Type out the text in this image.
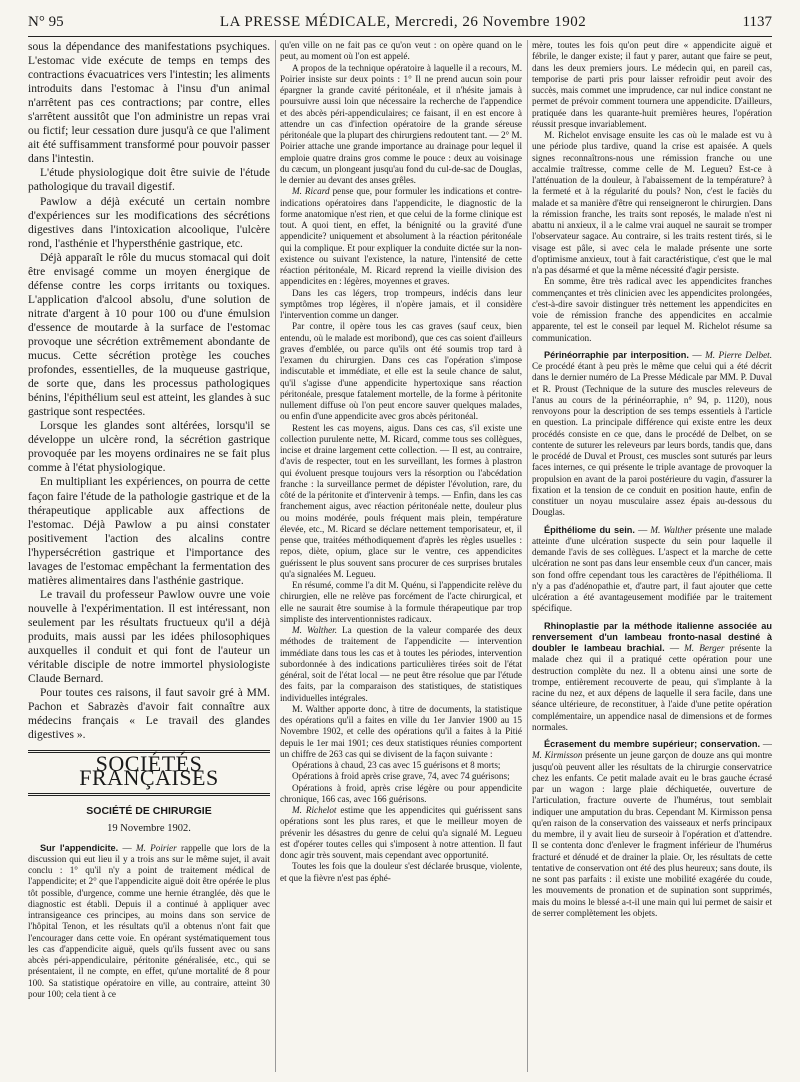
N° 95	LA PRESSE MÉDICALE, Mercredi, 26 Novembre 1902	1137

sous la dépendance des manifestations psychiques. L'estomac vide exécute de temps en temps des contractions évacuatrices vers l'intestin; les aliments introduits dans l'estomac à l'insu d'un animal n'arrêtent pas ces contractions; par contre, elles s'arrêtent aussitôt que l'on administre un repas vrai ou fictif; leur cessation dure jusqu'à ce que l'aliment ait été suffisamment transformé pour pouvoir passer dans l'intestin.

L'étude physiologique doit être suivie de l'étude pathologique du travail digestif.

Pawlow a déjà exécuté un certain nombre d'expériences sur les modifications des sécrétions digestives dans l'intoxication alcoolique, l'ulcère rond, l'asthénie et l'hypersthénie gastrique, etc.

Déjà apparaît le rôle du mucus stomacal qui doit être envisagé comme un moyen énergique de défense contre les corps irritants ou toxiques. L'application d'alcool absolu, d'une solution de nitrate d'argent à 10 pour 100 ou d'une émulsion d'essence de moutarde à la surface de l'estomac provoque une sécrétion extrêmement abondante de mucus. Cette sécrétion protège les couches profondes, essentielles, de la muqueuse gastrique, de sorte que, dans les processus pathologiques bénins, l'épithélium seul est atteint, les glandes à suc gastrique sont respectées.

Lorsque les glandes sont altérées, lorsqu'il se développe un ulcère rond, la sécrétion gastrique provoquée par les moyens ordinaires ne se fait plus comme à l'état physiologique.

En multipliant les expériences, on pourra de cette façon faire l'étude de la pathologie gastrique et de la thérapeutique applicable aux affections de l'estomac. Déjà Pawlow a pu ainsi constater positivement l'action des alcalins contre l'hypersécrétion gastrique et l'importance des lavages de l'estomac empêchant la fermentation des matières alimentaires dans l'asthénie gastrique.

Le travail du professeur Pawlow ouvre une voie nouvelle à l'expérimentation. Il est intéressant, non seulement par les résultats fructueux qu'il a déjà produits, mais aussi par les idées philosophiques auxquelles il conduit et qui font de l'auteur un véritable disciple de notre immortel physiologiste Claude Bernard.

Pour toutes ces raisons, il faut savoir gré à MM. Pachon et Sabrazès d'avoir fait connaître aux médecins français « Le travail des glandes digestives ».

SOCIÉTÉS FRANÇAISES
SOCIÉTÉ DE CHIRURGIE
19 Novembre 1902.

Sur l'appendicite. — M. Poirier rappelle que lors de la discussion qui eut lieu il y a trois ans sur le même sujet, il avait conclu : 1° qu'il n'y a point de traitement médical de l'appendicite; et 2° que l'appendicite aiguë doit être opérée le plus tôt possible, d'urgence, comme une hernie étranglée, dès que le diagnostic est établi. Depuis il a continué à appliquer avec intransigeance ces principes, au moins dans son service de l'hôpital Tenon, et les résultats qu'il a obtenus n'ont fait que l'encourager dans cette voie. En opérant systématiquement tous les cas d'appendicite aiguë, quels qu'ils fussent avec ou sans abcès péri-appendiculaire, péritonite généralisée, etc., qui se présentaient, il ne compte, en effet, qu'une mortalité de 8 pour 100. Sa statistique opératoire en ville, au contraire, atteint 30 pour 100; cela tient à ce

qu'en ville on ne fait pas ce qu'on veut : on opère quand on le peut, au moment où l'on est appelé.

A propos de la technique opératoire à laquelle il a recours, M. Poirier insiste sur deux points : 1° Il ne prend aucun soin pour épargner la grande cavité péritonéale, et il n'hésite jamais à poursuivre aussi loin que nécessaire la recherche de l'appendice et des abcès péri-appendiculaires; ce faisant, il en est encore à attendre un cas d'infection opératoire de la grande séreuse péritonéale que la plupart des chirurgiens redoutent tant. — 2° M. Poirier attache une grande importance au drainage pour lequel il emploie quatre drains gros comme le pouce : deux au voisinage du cæcum, un plongeant jusqu'au fond du cul-de-sac de Douglas, le dernier au devant des anses grêles.

M. Ricard pense que, pour formuler les indications et contre-indications opératoires dans l'appendicite, le diagnostic de la forme anatomique n'est rien, et que celui de la forme clinique est tout. A quoi tient, en effet, la bénignité ou la gravité d'une appendicite? uniquement et absolument à la réaction péritonéale qui la complique. Et pour expliquer la conduite dictée sur la non-existence ou suivant l'existence, la nature, l'intensité de cette réaction péritonéale, M. Ricard reprend la vieille division des appendicites en : légères, moyennes et graves.

Dans les cas légers, trop trompeurs, indécis dans leur symptômes trop légères, il n'opère jamais, et il considère l'intervention comme un danger.

Par contre, il opère tous les cas graves (sauf ceux, bien entendu, où le malade est moribond), que ces cas soient d'ailleurs graves d'emblée, ou parce qu'ils ont été soumis trop tard à l'examen du chirurgien. Dans ces cas l'opération s'impose indiscutable et immédiate, et elle est la seule chance de salut, qu'il s'agisse d'une appendicite hypertoxique sans réaction péritonéale, presque fatalement mortelle, de la forme à péritonite nullement diffuse où l'on peut encore sauver quelques malades, ou enfin d'une appendicite avec gros abcès péritonéal.

Restent les cas moyens, aigus. Dans ces cas, s'il existe une collection purulente nette, M. Ricard, comme tous ses collègues, incise et draine largement cette collection. — Il est, au contraire, d'avis de respecter, tout en les surveillant, les formes à plastron qui évoluent presque toujours vers la résorption ou l'abcédation franche : la surveillance permet de dépister l'évolution, rare, du côté de la péritonite et d'intervenir à temps. — Enfin, dans les cas franchement aigus, avec réaction péritonéale nette, douleur plus ou moins modérée, pouls fréquent mais plein, température élevée, etc., M. Ricard se déclare nettement temporisateur, et, il pense que, traitées méthodiquement d'après les règles usuelles : repos, diète, opium, glace sur le ventre, ces appendicites guérissent le plus souvent sans procurer de ces surprises brutales qu'a signalées M. Legueu.

En résumé, comme l'a dit M. Quénu, si l'appendicite relève du chirurgien, elle ne relève pas forcément de l'acte chirurgical, et elle ne saurait être soumise à la formule thérapeutique par trop simpliste des interventionnistes radicaux.

M. Walther. La question de la valeur comparée des deux méthodes de traitement de l'appendicite — intervention immédiate dans tous les cas et à toutes les périodes, intervention subordonnée à des indications particulières tirées soit de l'état général, soit de l'état local — ne peut être résolue que par l'étude des faits, par la comparaison des statistiques, de statistiques individuelles intégrales.

M. Walther apporte donc, à titre de documents, la statistique des opérations qu'il a faites en ville du 1er Janvier 1900 au 15 Novembre 1902, et celle des opérations qu'il a faites à la Pitié depuis le 1er mai 1901; ces deux statistiques réunies comportent un chiffre de 263 cas qui se divisent de la façon suivante :

Opérations à chaud, 23 cas avec 15 guérisons et 8 morts;

Opérations à froid après crise grave, 74, avec 74 guérisons;

Opérations à froid, après crise légère ou pour appendicite chronique, 166 cas, avec 166 guérisons.

M. Richelot estime que les appendicites qui guérissent sans opérations sont les plus rares, et que le meilleur moyen de prévenir les désastres du genre de celui qu'a signalé M. Legueu est d'opérer toutes celles qui s'imposent à notre attention. Il faut donc agir très souvent, mais cependant avec opportunité.

Toutes les fois que la douleur s'est déclarée brusque, violente, et que la fièvre n'est pas éphé-

mère, toutes les fois qu'on peut dire « appendicite aiguë et fébrile, le danger existe; il faut y parer, autant que faire se peut, dans les deux premiers jours. Le médecin qui, en pareil cas, temporise de parti pris pour laisser refroidir peut avoir des succès, mais commet une imprudence, car nul indice constant ne permet de prévoir comment tournera une appendicite. D'ailleurs, pratiquée dans les quarante-huit premières heures, l'opération réussit presque invariablement.

M. Richelot envisage ensuite les cas où le malade est vu à une période plus tardive, quand la crise est apaisée. A quels signes reconnaîtrons-nous une rémission franche ou une accalmie traîtresse, comme celle de M. Legueu? Est-ce à l'atténuation de la douleur, à l'abaissement de la température? à la fermeté et à la régularité du pouls? Non, c'est le faciès du malade et sa manière d'être qui renseigneront le chirurgien. Dans la rémission franche, les traits sont reposés, le malade n'est ni abattu ni anxieux, il a le calme vrai auquel ne saurait se tromper l'observateur sagace. Au contraire, si les traits restent tirés, si le visage est pâle, si avec cela le malade présente une sorte d'optimisme anxieux, tout à fait caractéristique, c'est que le mal n'a pas désarmé et que la même nécessité d'agir persiste.

En somme, être très radical avec les appendicites franches commençantes et très clinicien avec les appendicites prolongées, c'est-à-dire savoir distinguer très nettement les appendicites en voie de rémission franche des appendicites en accalmie apparente, tel est le conseil par lequel M. Richelot résume sa communication.

Périnéorraphie par interposition. — M. Pierre Delbet. Ce procédé étant à peu près le même que celui qui a été décrit dans le dernier numéro de La Presse Médicale par MM. P. Duval et R. Proust (Technique de la suture des muscles releveurs de l'anus au cours de la périnéorraphie, n° 94, p. 1120), nous renvoyons pour la description de ses temps essentiels à l'article en question. La principale différence qui existe entre les deux procédés consiste en ce que, dans le procédé de Delbet, on se contente de suturer les releveurs par leurs bords, tandis que, dans le procédé de Duval et Proust, ces muscles sont suturés par leurs faces internes, ce qui présente le triple avantage de provoquer la propulsion en avant de la paroi postérieure du vagin, d'assurer la fixation et la tension de ce conduit en position haute, enfin de constituer un noyau musculaire assez épais au-dessous du Douglas.

Épithéliome du sein. — M. Walther présente une malade atteinte d'une ulcération suspecte du sein pour laquelle il demande l'avis de ses collègues. L'aspect et la marche de cette ulcération ne sont pas dans leur ensemble ceux d'un cancer, mais son fond offre cependant tous les caractères de l'épithélioma. Il n'y a pas d'adénopathie et, d'autre part, il faut ajouter que cette ulcération a été avantageusement modifiée par le traitement spécifique.

Rhinoplastie par la méthode italienne associée au renversement d'un lambeau fronto-nasal destiné à doubler le lambeau brachial. — M. Berger présente la malade chez qui il a pratiqué cette opération pour une destruction complète du nez. Il a obtenu ainsi une sorte de trompe, entièrement recouverte de peau, qui s'implante à la racine du nez, et aux dépens de laquelle il sera facile, dans une séance ultérieure, de reconstituer, à l'aide d'une petite opération complémentaire, un appendice nasal de dimensions et de formes normales.

Écrasement du membre supérieur; conservation. — M. Kirmisson présente un jeune garçon de douze ans qui montre jusqu'où peuvent aller les résultats de la chirurgie conservatrice chez les enfants. Ce petit malade avait eu le bras gauche écrasé par un wagon : large plaie déchiquetée, ouverture de l'articulation, fracture ouverte de l'humérus, tout semblait indiquer une amputation du bras. Cependant M. Kirmisson pensa qu'en raison de la conservation des vaisseaux et nerfs principaux du membre, il y avait lieu de surseoir à l'opération et d'attendre. Il se contenta donc d'enlever le fragment inférieur de l'humérus fracturé et dénudé et de drainer la plaie. Or, les résultats de cette tentative de conservation ont été des plus heureux; sans doute, ils ne sont pas parfaits : il existe une mobilité exagérée du coude, les mouvements de pronation et de supination sont supprimés, mais du moins le blessé a-t-il une main qui lui permet de saisir et de serrer complètement les objets.
